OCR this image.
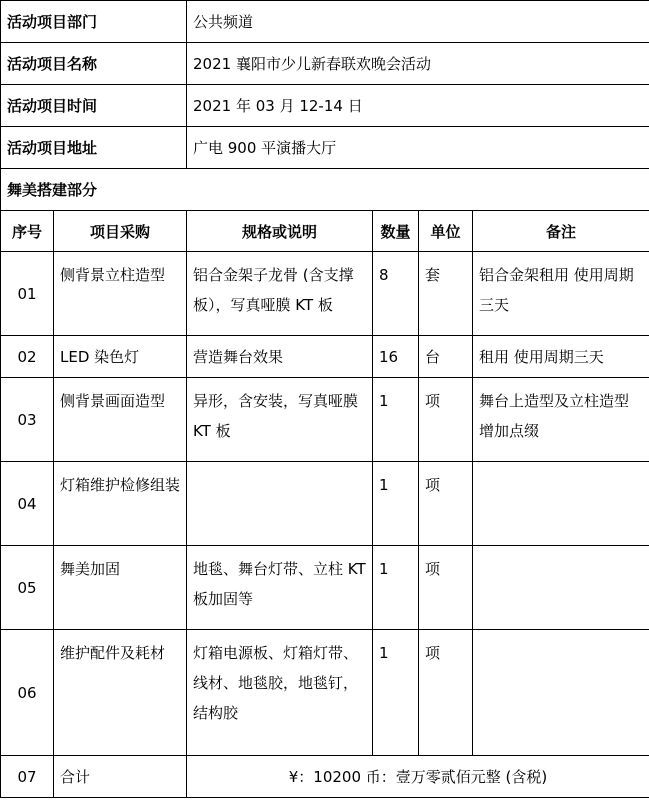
活动项目部门		公共频道			
活动项目名称		2021 襄阳市少儿新春联欢晚会活动			
活动项目时间		2021 年 03 月 12-14 日			
活动项目地址		广电 900 平演播大厅			
舞美搭建部分					
序号	项目采购	规格或说明	数量	单位	备注
01	侧背景立柱造型	铝合金架子龙骨 (含支撑板），写真哑膜 KT 板	8	套	铝合金架租用 使用周期三天
02	LED 染色灯	营造舞台效果	16	台	租用 使用周期三天
03	侧背景画面造型	异形，含安装，写真哑膜 KT 板	1	项	舞台上造型及立柱造型增加点缀
04	灯箱维护检修组装		1	项	
05	舞美加固	地毯、舞台灯带、立柱 KT 板加固等	1	项	
06	维护配件及耗材	灯箱电源板、灯箱灯带、线材、地毯胶，地毯钉，结构胶	1	项	
07	合计	¥：10200 币：壹万零贰佰元整 (含税)			
